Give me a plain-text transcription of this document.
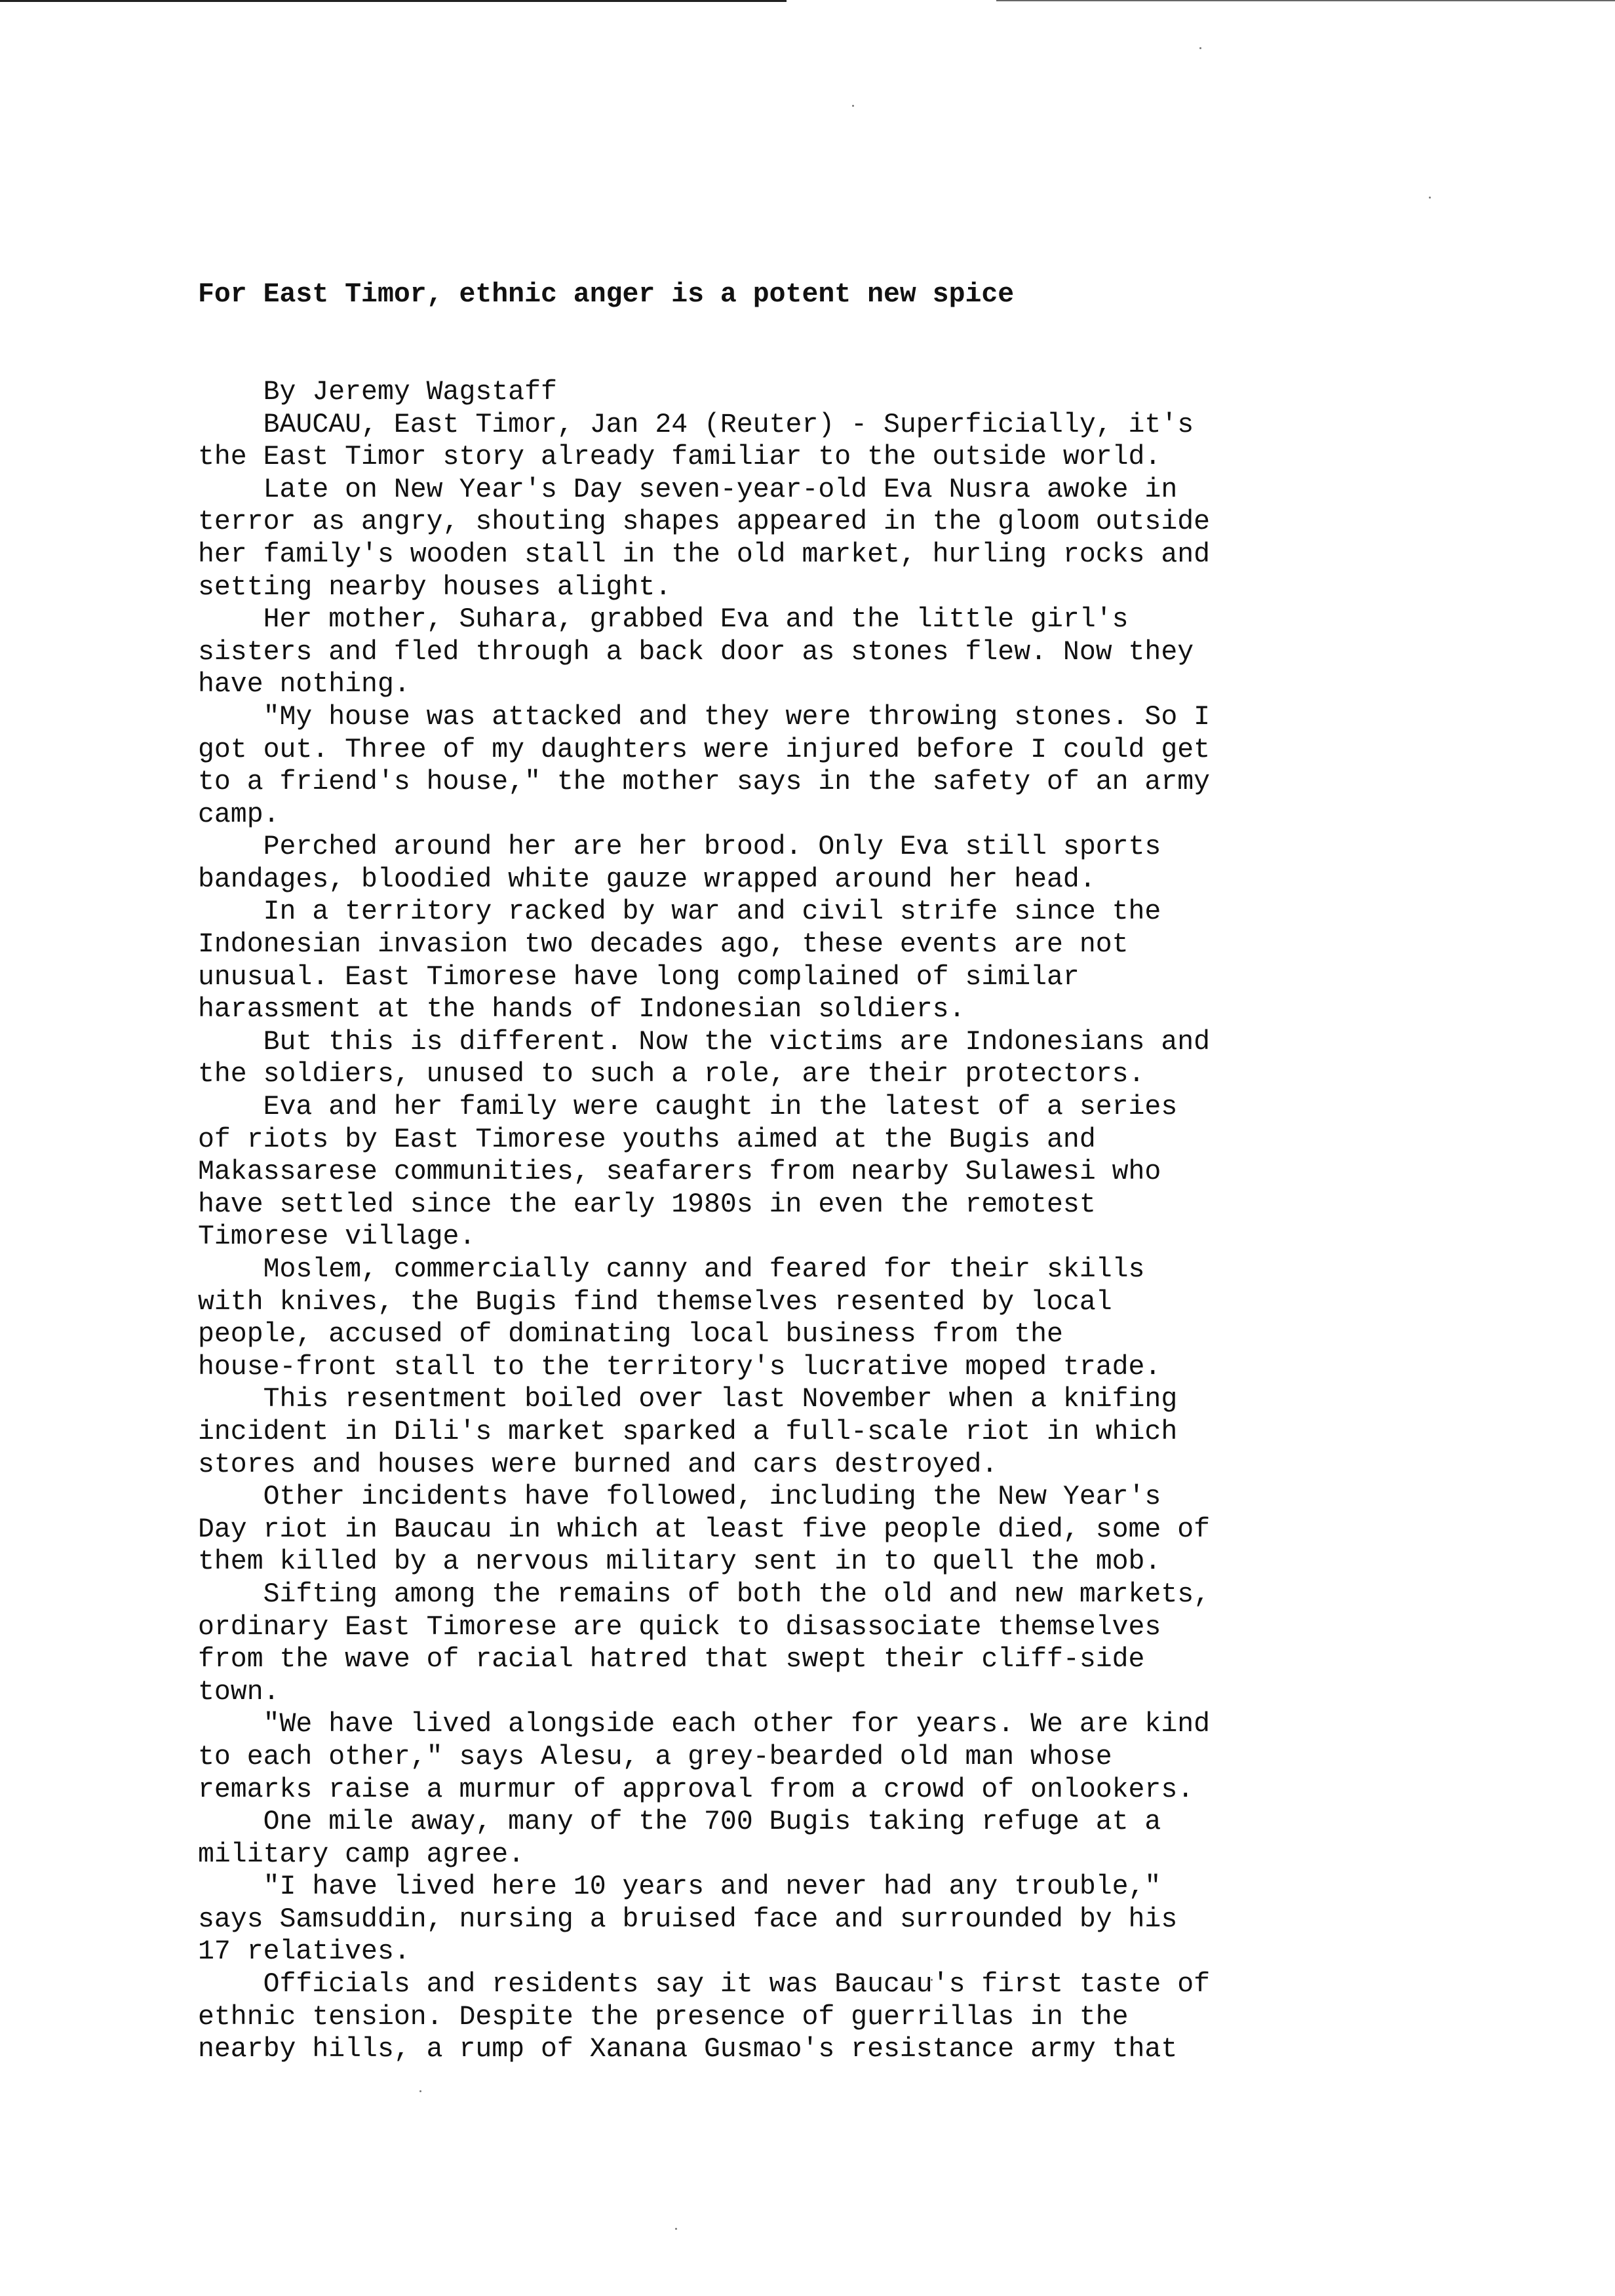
For East Timor, ethnic anger is a potent new spice

By Jeremy Wagstaff
BAUCAU, East Timor, Jan 24 (Reuter) - Superficially, it's
the East Timor story already familiar to the outside world.
Late on New Year's Day seven-year-old Eva Nusra awoke in
terror as angry, shouting shapes appeared in the gloom outside
her family's wooden stall in the old market, hurling rocks and
setting nearby houses alight.
Her mother, Suhara, grabbed Eva and the little girl's
sisters and fled through a back door as stones flew. Now they
have nothing.
"My house was attacked and they were throwing stones. So I
got out. Three of my daughters were injured before I could get
to a friend's house," the mother says in the safety of an army
camp.
Perched around her are her brood. Only Eva still sports
bandages, bloodied white gauze wrapped around her head.
In a territory racked by war and civil strife since the
Indonesian invasion two decades ago, these events are not
unusual. East Timorese have long complained of similar
harassment at the hands of Indonesian soldiers.
But this is different. Now the victims are Indonesians and
the soldiers, unused to such a role, are their protectors.
Eva and her family were caught in the latest of a series
of riots by East Timorese youths aimed at the Bugis and
Makassarese communities, seafarers from nearby Sulawesi who
have settled since the early 1980s in even the remotest
Timorese village.
Moslem, commercially canny and feared for their skills
with knives, the Bugis find themselves resented by local
people, accused of dominating local business from the
house-front stall to the territory's lucrative moped trade.
This resentment boiled over last November when a knifing
incident in Dili's market sparked a full-scale riot in which
stores and houses were burned and cars destroyed.
Other incidents have followed, including the New Year's
Day riot in Baucau in which at least five people died, some of
them killed by a nervous military sent in to quell the mob.
Sifting among the remains of both the old and new markets,
ordinary East Timorese are quick to disassociate themselves
from the wave of racial hatred that swept their cliff-side
town.
"We have lived alongside each other for years. We are kind
to each other," says Alesu, a grey-bearded old man whose
remarks raise a murmur of approval from a crowd of onlookers.
One mile away, many of the 700 Bugis taking refuge at a
military camp agree.
"I have lived here 10 years and never had any trouble,"
says Samsuddin, nursing a bruised face and surrounded by his
17 relatives.
Officials and residents say it was Baucau's first taste of
ethnic tension. Despite the presence of guerrillas in the
nearby hills, a rump of Xanana Gusmao's resistance army that
